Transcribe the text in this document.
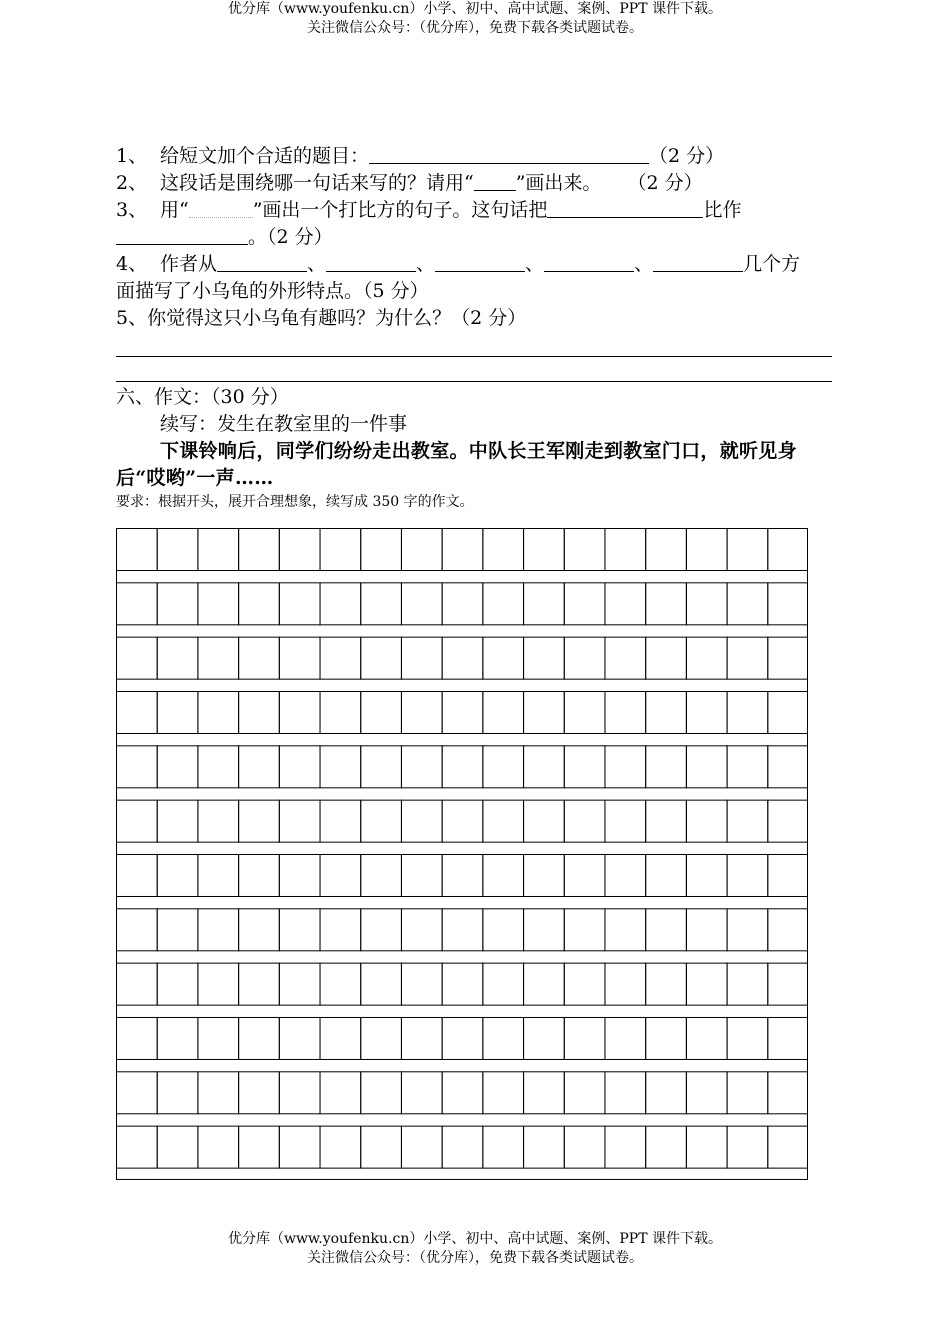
优分库（www.youfenku.cn）小学、初中、高中试题、案例、PPT 课件下载。
关注微信公众号：（优分库），免费下载各类试题试卷。
1、 给短文加个合适的题目：	（2 分）
2、 这段话是围绕哪一句话来写的？请用“ ”画出来。 （2 分）
3、 用“	”画出一个打比方的句子。这句话把	比作
。（2 分）
4、 作者从	、	、	、	、	几个方
面描写了小乌龟的外形特点。（5 分）
5、你觉得这只小乌龟有趣吗？为什么？（2 分）
六、作文：（30 分）
续写：发生在教室里的一件事
下课铃响后，同学们纷纷走出教室。中队长王军刚走到教室门口，就听见身后“哎哟”一声……
要求：根据开头，展开合理想象，续写成 350 字的作文。
优分库（www.youfenku.cn）小学、初中、高中试题、案例、PPT 课件下载。
关注微信公众号：（优分库），免费下载各类试题试卷。
